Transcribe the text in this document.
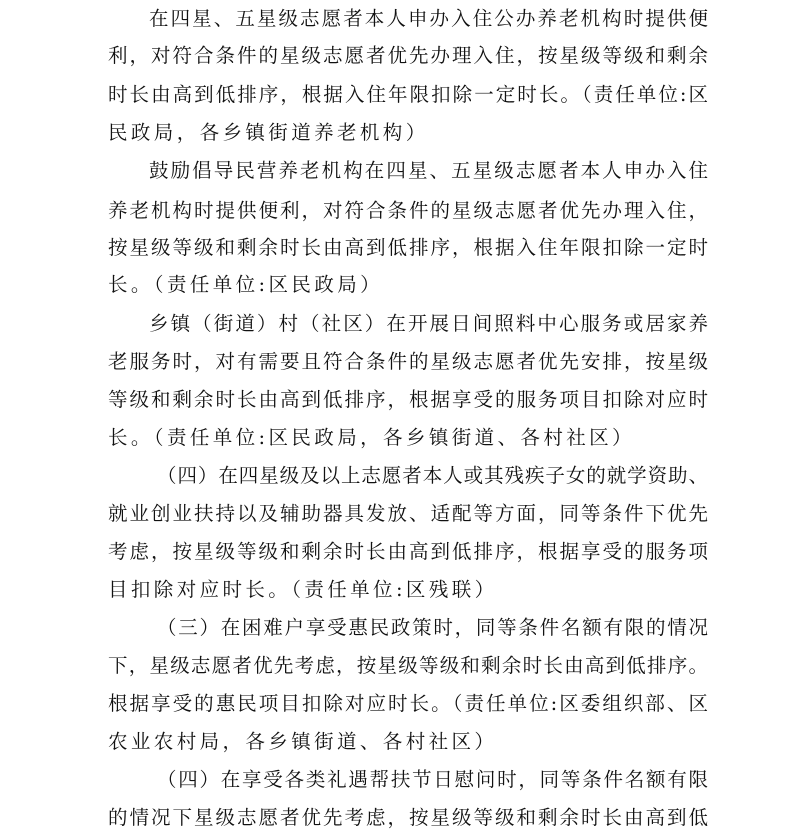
在四星、五星级志愿者本人申办入住公办养老机构时提供便
利，对符合条件的星级志愿者优先办理入住，按星级等级和剩余
时长由高到低排序，根据入住年限扣除一定时长。（责任单位:区
民政局，各乡镇街道养老机构）
鼓励倡导民营养老机构在四星、五星级志愿者本人申办入住
养老机构时提供便利，对符合条件的星级志愿者优先办理入住，
按星级等级和剩余时长由高到低排序，根据入住年限扣除一定时
长。（责任单位:区民政局）
乡镇（街道）村（社区）在开展日间照料中心服务或居家养
老服务时，对有需要且符合条件的星级志愿者优先安排，按星级
等级和剩余时长由高到低排序，根据享受的服务项目扣除对应时
长。（责任单位:区民政局，各乡镇街道、各村社区）
（四）在四星级及以上志愿者本人或其残疾子女的就学资助、
就业创业扶持以及辅助器具发放、适配等方面，同等条件下优先
考虑，按星级等级和剩余时长由高到低排序，根据享受的服务项
目扣除对应时长。（责任单位:区残联）
（三）在困难户享受惠民政策时，同等条件名额有限的情况
下，星级志愿者优先考虑，按星级等级和剩余时长由高到低排序。
根据享受的惠民项目扣除对应时长。（责任单位:区委组织部、区
农业农村局，各乡镇街道、各村社区）
（四）在享受各类礼遇帮扶节日慰问时，同等条件名额有限
的情况下星级志愿者优先考虑，按星级等级和剩余时长由高到低
